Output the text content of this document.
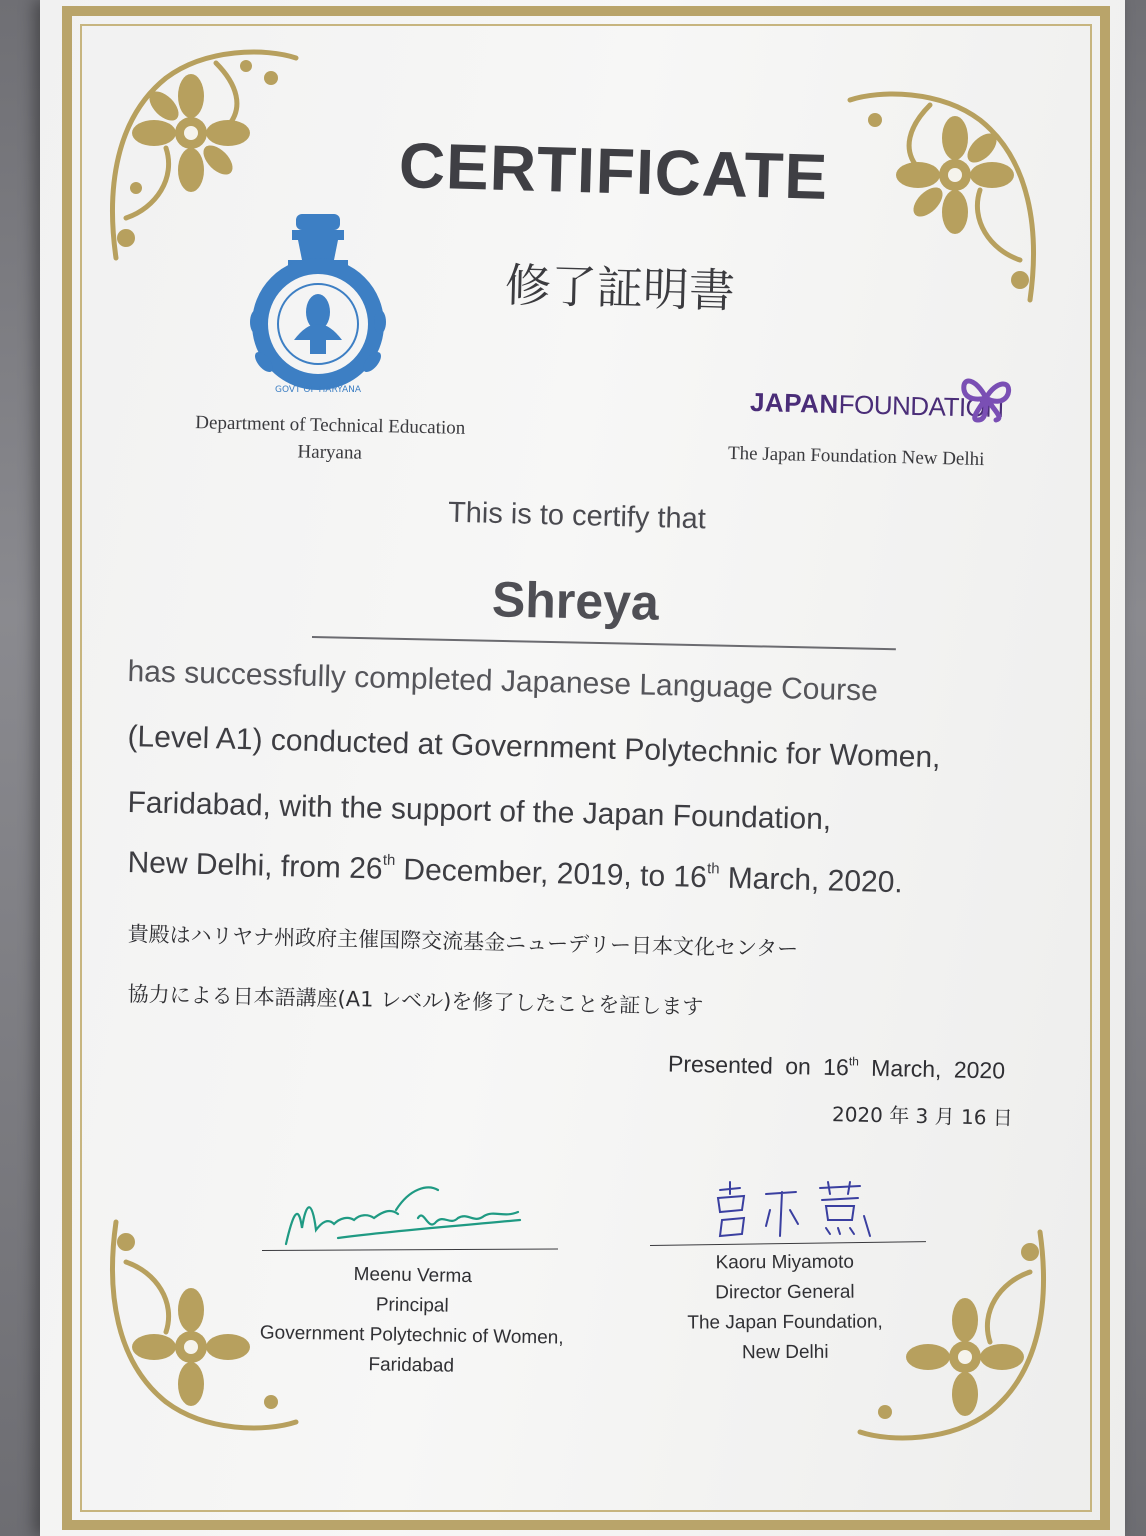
CERTIFICATE
修了証明書
GOVT OF HARYANA
Department of Technical Education
Haryana
JAPANFOUNDATION
The Japan Foundation New Delhi
This is to certify that
Shreya
has successfully completed Japanese Language Course
(Level A1) conducted at Government Polytechnic for Women,
Faridabad, with the support of the Japan Foundation,
New Delhi, from 26th December, 2019, to 16th March, 2020.
貴殿はハリヤナ州政府主催国際交流基金ニューデリー日本文化センター
協力による日本語講座(A1 レベル)を修了したことを証します
Presented on 16th March, 2020
2020 年 3 月 16 日
Meenu Verma
Principal
Government Polytechnic of Women,
Faridabad
Kaoru Miyamoto
Director General
The Japan Foundation,
New Delhi
